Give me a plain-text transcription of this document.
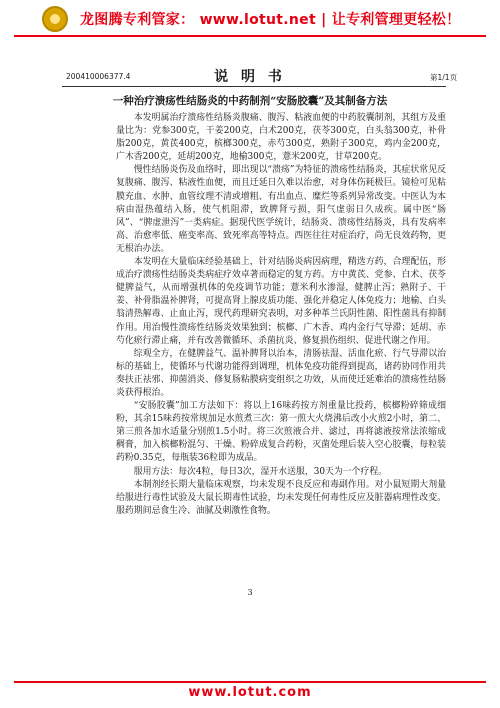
龙图腾专利管家： www.lotut.net | 让专利管理更轻松！
200410006377.4	说 明 书	第1/1页
一种治疗溃疡性结肠炎的中药制剂“安肠胶囊”及其制备方法

本发明属治疗溃疡性结肠炎腹痛、腹泻、粘液血便的中药胶囊制剂，其组方及重量比为：党参300克，干姜200克，白术200克，茯苓300克，白头翁300克，补骨脂200克，黄芪400克，槟榔300克，赤芍300克，熟附子300克，鸡内金200克，广木香200克，延胡200克，地榆300克，薏米200克，甘草200克。

慢性结肠炎伤及血络时，即出现以“溃疡”为特征的溃疡性结肠炎，其症状常见反复腹痛、腹泻、粘液性血便，而且迁延日久难以治愈，对身体伤耗极巨。镜检可见粘膜充血、水肿、血管纹理不清或增粗、有出血点、糜烂等系列异常改变。中医认为本病由湿热蕴结入肠，使气机阻滞，致脾肾亏损，阳气虚弱日久成疾。属中医“肠风”、“脾虚泄泻”一类病症。据现代医学统计，结肠炎、溃疡性结肠炎，具有发病率高、治愈率低、癌变率高、致死率高等特点。西医往往对症治疗，尚无良效药物，更无根治办法。

本发明在大量临床经验基础上，针对结肠炎病因病理，精选方药，合理配伍，形成治疗溃疡性结肠炎类病症疗效卓著而稳定的复方药。方中黄芪、党参、白术、茯苓健脾益气，从而增强机体的免疫调节功能；薏米利水渗湿，健脾止泻；熟附子、干姜、补骨脂温补脾肾，可提高肾上腺皮质功能、强化并稳定人体免疫力；地榆、白头翁清热解毒、止血止泻，现代药理研究表明，对多种革兰氏阴性菌、阳性菌具有抑制作用。用治慢性溃疡性结肠炎效果独到；槟榔、广木香、鸡内金行气导滞；延胡、赤芍化瘀行滞止痛，并有改善微循环、杀菌抗炎、修复损伤组织、促进代谢之作用。

综观全方，在健脾益气、温补脾肾以治本，清肠祛湿、活血化瘀、行气导滞以治标的基础上，使循环与代谢功能得到调理，机体免疫功能得到提高，诸药协同作用共奏扶正祛邪、抑菌消炎、修复肠粘膜病变组织之功效，从而使迁延难治的溃疡性结肠炎获得根治。

“安肠胶囊”加工方法如下：将以上16味药按方剂重量比投药，槟榔粉碎筛成细粉，其余15味药按常规加足水煎煮三次：第一煎大火烧沸后改小火煎2小时，第二、第三煎各加水适量分别煎1.5小时。将三次煎液合并、滤过，再将滤液按常法浓缩成稠膏，加入槟榔粉混匀、干燥、粉碎成复合药粉，灭菌处理后装入空心胶囊，每粒装药粉0.35克，每瓶装36粒即为成品。

服用方法：每次4粒，每日3次，湿开水送服，30天为一个疗程。

本制剂经长期大量临床观察，均未发现不良反应和毒副作用。对小鼠短期大剂量给服进行毒性试验及大鼠长期毒性试验，均未发现任何毒性反应及脏器病理性改变。服药期间忌食生冷、油腻及刺激性食物。

3
www.lotut.com
